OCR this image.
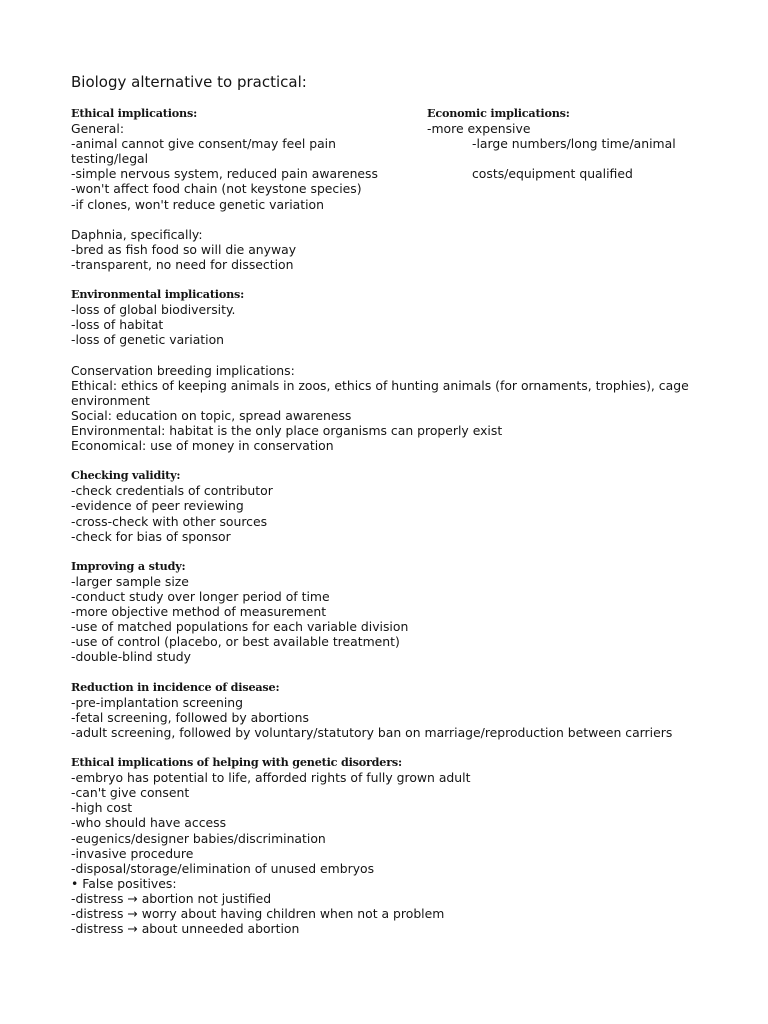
Biology alternative to practical:
Ethical implications:
General:
-animal cannot give consent/may feel pain
testing/legal
-simple nervous system, reduced pain awareness
-won't affect food chain (not keystone species)
-if clones, won't reduce genetic variation
Daphnia, specifically:
-bred as fish food so will die anyway
-transparent, no need for dissection
Environmental implications:
-loss of global biodiversity.
-loss of habitat
-loss of genetic variation
Conservation breeding implications:
Ethical: ethics of keeping animals in zoos, ethics of hunting animals (for ornaments, trophies), cage
environment
Social: education on topic, spread awareness
Environmental: habitat is the only place organisms can properly exist
Economical: use of money in conservation
Checking validity:
-check credentials of contributor
-evidence of peer reviewing
-cross-check with other sources
-check for bias of sponsor
Improving a study:
-larger sample size
-conduct study over longer period of time
-more objective method of measurement
-use of matched populations for each variable division
-use of control (placebo, or best available treatment)
-double-blind study
Reduction in incidence of disease:
-pre-implantation screening
-fetal screening, followed by abortions
-adult screening, followed by voluntary/statutory ban on marriage/reproduction between carriers
Ethical implications of helping with genetic disorders:
-embryo has potential to life, afforded rights of fully grown adult
-can't give consent
-high cost
-who should have access
-eugenics/designer babies/discrimination
-invasive procedure
-disposal/storage/elimination of unused embryos
• False positives:
-distress → abortion not justified
-distress → worry about having children when not a problem
-distress → about unneeded abortion
Economic implications:
-more expensive
-large numbers/long time/animal
costs/equipment qualified
